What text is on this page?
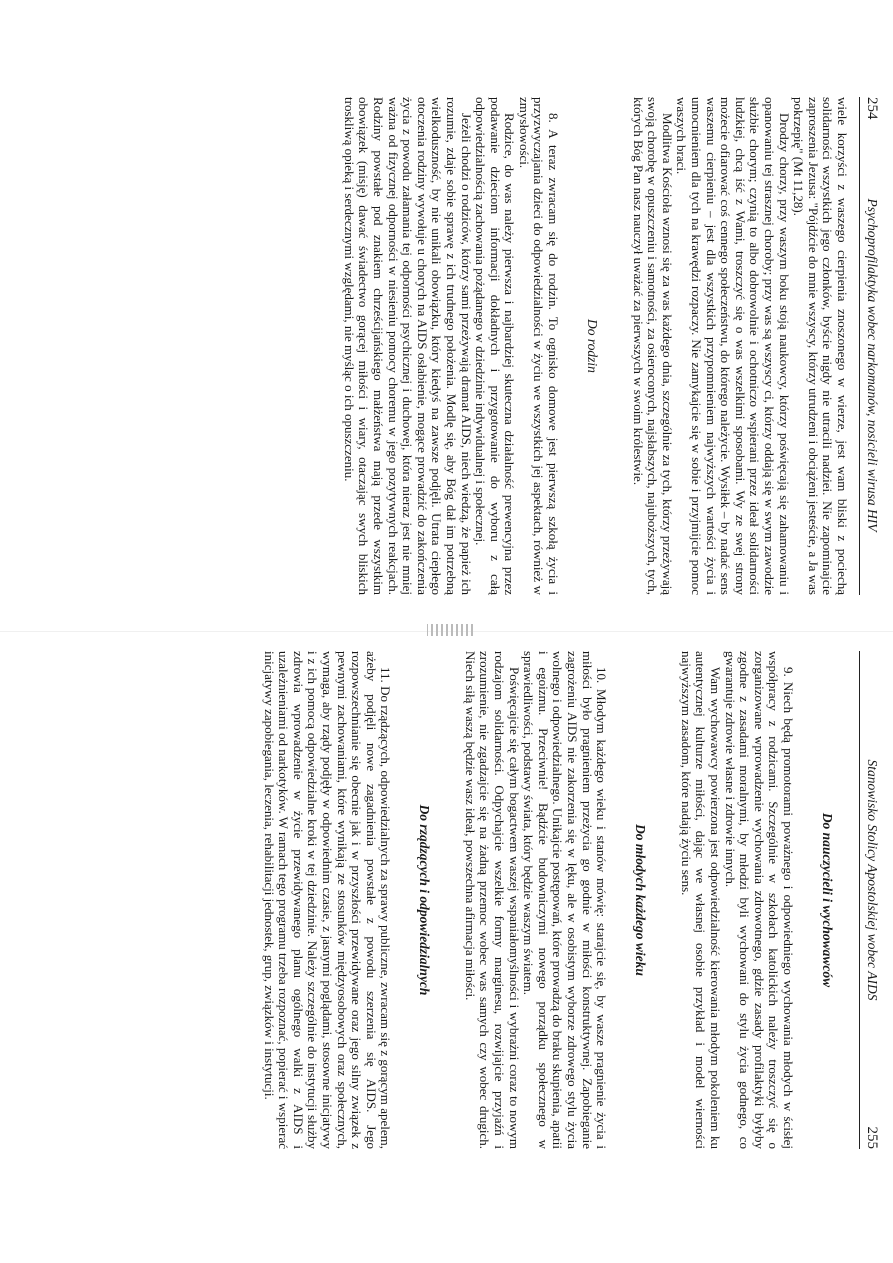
254
Psychoprofilaktyka wobec narkomanów, nosicieli wirusa HIV

wiele korzyści z waszego cierpienia znoszonego w wierze, jest wam bliski z pociechą solidarności wszystkich jego członków, byście nigdy nie utracili nadziei. Nie zapominajcie zaproszenia Jezusa: "Pójdźcie do mnie wszyscy, którzy utrudzeni i obciążeni jesteście, a Ja was pokrzepię" (Mt 11,28).

Drodzy chorzy, przy waszym boku stoją naukowcy, którzy poświęcają się zahamowaniu i opanowaniu tej strasznej choroby; przy was są wszyscy ci, którzy oddają się w swym zawodzie służbie chorym; czynią to albo dobrowolnie i ochotniczo wspierani przez ideał solidarności ludzkiej, chcą iść z Wami, troszczyć się o was wszelkimi sposobami. Wy ze swej strony możecie ofiarować coś cennego społeczeństwu, do którego należycie. Wysiłek – by nadać sens waszemu cierpieniu – jest dla wszystkich przypomnieniem najwyższych wartości życia i umocnieniem dla tych na krawędzi rozpaczy. Nie zamykajcie się w sobie i przyjmijcie pomoc waszych braci.

Modlitwa Kościoła wznosi się za was każdego dnia, szczególnie za tych, którzy przeżywają swoją chorobę w opuszczeniu i samotności, za osieroconych, najsłabszych, najuboższych, tych, których Bóg Pan nasz nauczył uważać za pierwszych w swoim królestwie.

Do rodzin

8. A teraz zwracam się do rodzin. To ognisko domowe jest pierwszą szkołą życia i przyzwyczajania dzieci do odpowiedzialności w życiu we wszystkich jej aspektach, również w zmysłowości.

Rodzice, do was należy pierwsza i najbardziej skuteczna działalność prewencyjna przez podawanie dzieciom informacji dokładnych i przygotowanie do wyboru z całą odpowiedzialnością zachowania pożądanego w dziedzinie indywidualnej i społecznej.

Jeżeli chodzi o rodziców, którzy sami przeżywają dramat AIDS, niech wiedzą, że papież ich rozumie, zdaje sobie sprawę z ich trudnego położenia. Modlę się, aby Bóg dał im potrzebną wielkoduszność, by nie unikali obowiązku, który kiedyś na zawsze podjęli. Utrata ciepłego otoczenia rodziny wywołuje u chorych na AIDS osłabienie, mogące prowadzić do zakończenia życia z powodu załamania tej odporności psychicznej i duchowej, która nieraz jest nie mniej ważna od fizycznej odporności w niesieniu pomocy choremu w jego pozytywnych reakcjach. Rodziny powstałe pod znakiem chrześcijańskiego małżeństwa mają przede wszystkim obowiązek (misję) dawać świadectwo gorącej miłości i wiary, otaczając swych bliskich troskliwą opieką i serdecznymi względami, nie myśląc o ich opuszczeniu.

Stanowisko Stolicy Apostolskiej wobec AIDS
255
Do nauczycieli i wychowawców

9. Niech będą promotorami poważnego i odpowiedniego wychowania młodych w ścisłej współpracy z rodzicami. Szczególnie w szkołach katolickich należy troszczyć się o zorganizowane wprowadzenie wychowania zdrowotnego, gdzie zasady profilaktyki byłyby zgodne z zasadami moralnymi, by młodzi byli wychowani do stylu życia godnego, co gwarantuje zdrowie własne i zdrowie innych.

Wam wychowawcy powierzona jest odpowiedzialność kierowania młodym pokoleniem ku autentycznej kulturze miłości, dając we własnej osobie przykład i model wierności najwyższym zasadom, które nadają życiu sens.

Do młodych każdego wieku

10. Młodym każdego wieku i stanów mówię: starajcie się, by wasze pragnienie życia i miłości było pragnieniem przeżycia go godnie w miłości konstruktywnej. Zapobieganie zagrożeniu AIDS nie zakorzenia się w lęku, ale w osobistym wyborze zdrowego stylu życia wolnego i odpowiedzialnego. Unikajcie postępowań, które prowadzą do braku skupienia, apatii i egoizmu. Przeciwnie! Bądźcie budowniczymi nowego porządku społecznego w sprawiedliwości, podstawy świata, który będzie waszym światem.

Poświęcajcie się całym bogactwem waszej wspaniałomyślności i wybrażni coraz to nowym rodzajom solidarności. Odpychajcie wszelkie formy marginesu, rozwijajcie przyjaźń i zrozumienie, nie zgadzajcie się na żadną przemoc wobec was samych czy wobec drugich. Niech siłą waszą będzie wasz ideał, powszechna afirmacja miłości.

Do rządzących i odpowiedzialnych

11. Do rządzących, odpowiedzialnych za sprawy publiczne, zwracam się z gorącym apelem, ażeby podjęli nowe zagadnienia powstałe z powodu szerzenia się AIDS. Jego rozpowszechnianie się obecnie jak i w przyszłości przewidywane oraz jego silny związek z pewnymi zachowaniami, które wynikają ze stosunków międzyosobowych oraz społecznych, wymaga, aby rządy podjęły w odpowiednim czasie, z jasnymi poglądami, stosowne inicjatywy i z ich pomocą odpowiedzialne kroki w tej dziedzinie. Należy szczególnie do instytucji służby zdrowia wprowadzenie w życie przewidywanego planu ogólnego walki z AIDS i uzależnieniami od narkotyków. W ramach tego programu trzeba rozpoznać, popierać i wspierać inicjatywy zapobiegania, leczenia, rehabilitacji jednostek, grup, związków i instytucji.
